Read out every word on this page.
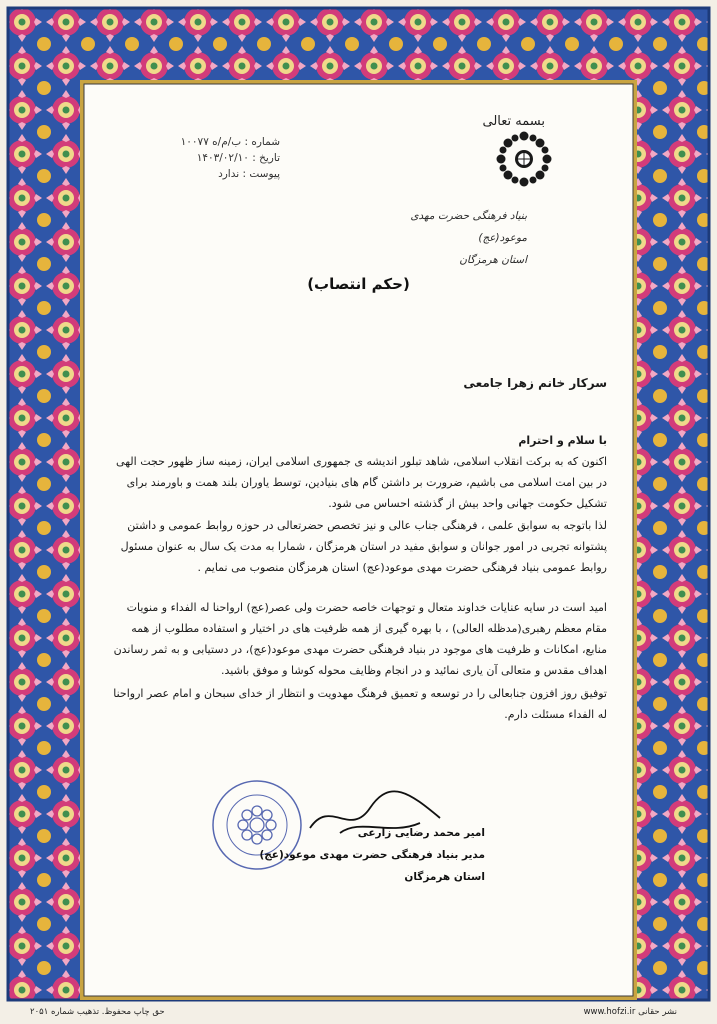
بسمه تعالی
شماره : ب/م/ه ۱۰۰۷۷
تاریخ : ۱۴۰۳/۰۲/۱۰
پیوست : ندارد
بنیاد فرهنگی حضرت مهدی موعود(عج)
استان هرمزگان
(حکم انتصاب)
سرکار خانم زهرا جامعی
با سلام و احترام
اکنون که به برکت انقلاب اسلامی، شاهد تبلور اندیشه ی جمهوری اسلامی ایران، زمینه ساز ظهور حجت الهی در بین امت اسلامی می باشیم، ضرورت بر داشتن گام های بنیادین، توسط یاوران بلند همت و باورمند برای تشکیل حکومت جهانی واحد بیش از گذشته احساس می شود.
لذا باتوجه به سوابق علمی ، فرهنگی جناب عالی و نیز تخصص حضرتعالی در حوزه روابط عمومی و داشتن پشتوانه تجربی در امور جوانان و سوابق مفید در استان هرمزگان ، شمارا به مدت یک سال به عنوان مسئول روابط عمومی بنیاد فرهنگی حضرت مهدی موعود(عج) استان هرمزگان منصوب می نمایم .
امید است در سایه عنایات خداوند متعال و توجهات خاصه حضرت ولی عصر(عج) ارواحنا له الفداء و منویات مقام معظم رهبری(مدظله العالی) ، با بهره گیری از همه ظرفیت های در اختیار و استفاده مطلوب از همه منابع، امکانات و ظرفیت های موجود در بنیاد فرهنگی حضرت مهدی موعود(عج)، در دستیابی و به ثمر رساندن اهداف مقدس و متعالی آن یاری نمائید و در انجام وظایف محوله کوشا و موفق باشید.
توفیق روز افزون جنابعالی را در توسعه و تعمیق فرهنگ مهدویت و انتظار از خدای سبحان و امام عصر ارواحنا له الفداء مسئلت دارم.
امیر محمد رضایی زارعی
مدیر بنیاد فرهنگی حضرت مهدی موعود(عج)
استان هرمزگان
حق چاپ محفوظ. تذهیب شماره ۲۰۵۱	www.hofzi.ir نشر حقانی
